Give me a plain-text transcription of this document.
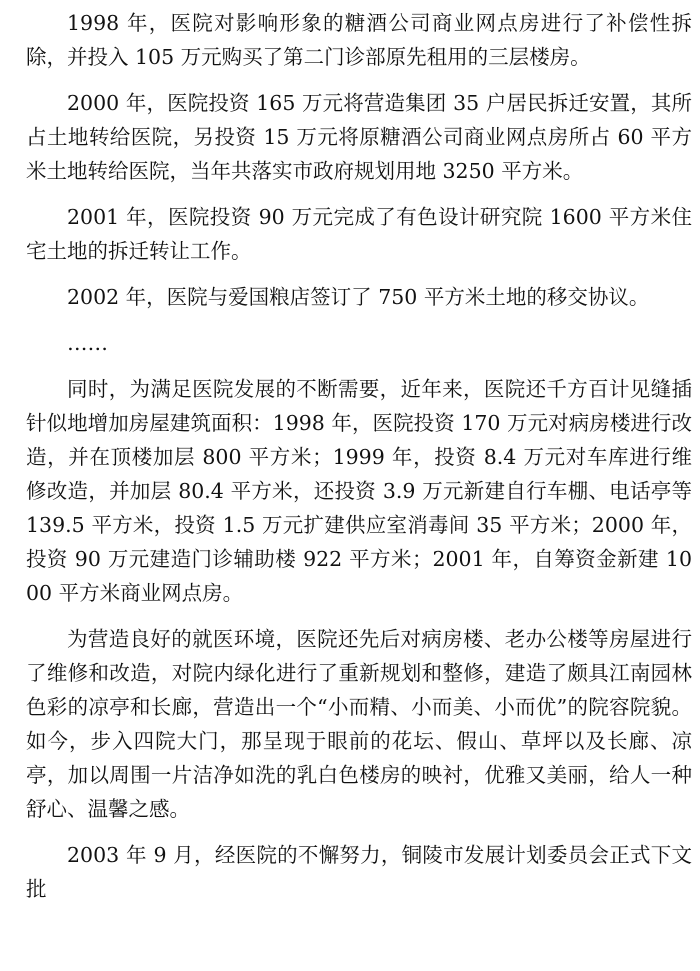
1998 年，医院对影响形象的糖酒公司商业网点房进行了补偿性拆除，并投入 105 万元购买了第二门诊部原先租用的三层楼房。

2000 年，医院投资 165 万元将营造集团 35 户居民拆迁安置，其所占土地转给医院，另投资 15 万元将原糖酒公司商业网点房所占 60 平方米土地转给医院，当年共落实市政府规划用地 3250 平方米。

2001 年，医院投资 90 万元完成了有色设计研究院 1600 平方米住宅土地的拆迁转让工作。

2002 年，医院与爱国粮店签订了 750 平方米土地的移交协议。

……

同时，为满足医院发展的不断需要，近年来，医院还千方百计见缝插针似地增加房屋建筑面积：1998 年，医院投资 170 万元对病房楼进行改造，并在顶楼加层 800 平方米；1999 年，投资 8.4 万元对车库进行维修改造，并加层 80.4 平方米，还投资 3.9 万元新建自行车棚、电话亭等 139.5 平方米，投资 1.5 万元扩建供应室消毒间 35 平方米；2000 年，投资 90 万元建造门诊辅助楼 922 平方米；2001 年，自筹资金新建 1000 平方米商业网点房。

为营造良好的就医环境，医院还先后对病房楼、老办公楼等房屋进行了维修和改造，对院内绿化进行了重新规划和整修，建造了颇具江南园林色彩的凉亭和长廊，营造出一个“小而精、小而美、小而优”的院容院貌。如今，步入四院大门，那呈现于眼前的花坛、假山、草坪以及长廊、凉亭，加以周围一片洁净如洗的乳白色楼房的映衬，优雅又美丽，给人一种舒心、温馨之感。

2003 年 9 月，经医院的不懈努力，铜陵市发展计划委员会正式下文批
